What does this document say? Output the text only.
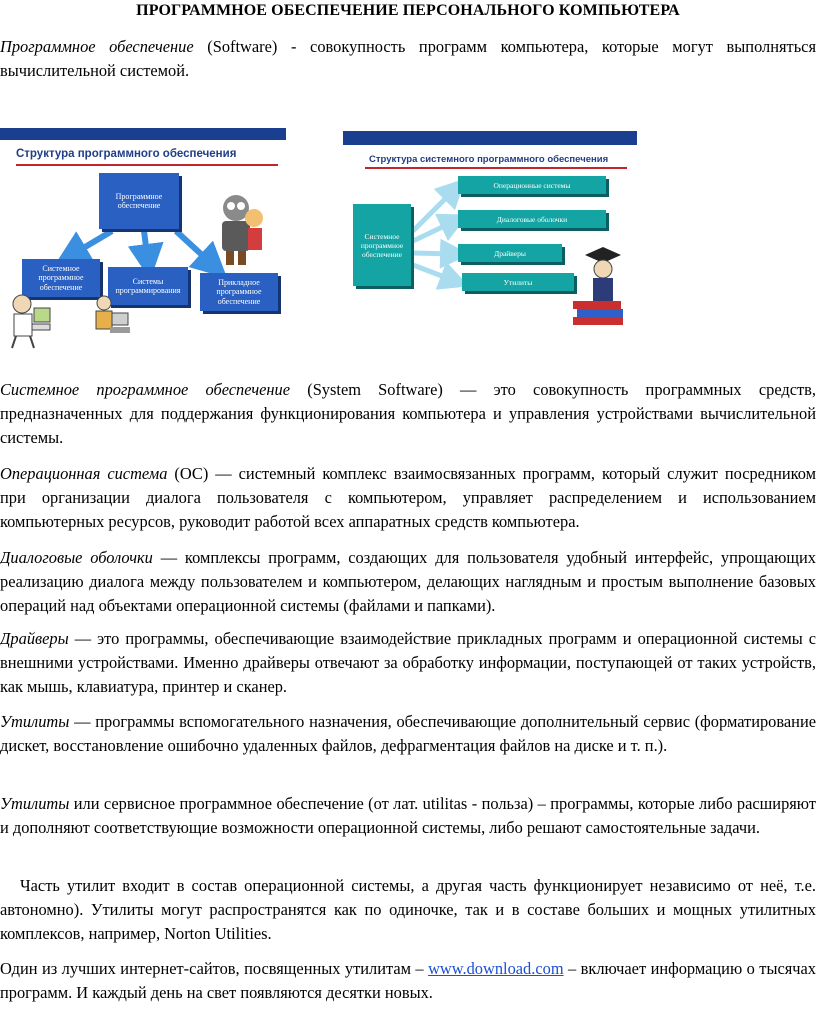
ПРОГРАММНОЕ ОБЕСПЕЧЕНИЕ ПЕРСОНАЛЬНОГО КОМПЬЮТЕРА
Программное обеспечение (Software) - совокупность программ компьютера, которые могут выполняться вычислительной системой.
Структура программного обеспечения
Программное обеспечение
Системное программное обеспечение
Системы программирования
Прикладное программное обеспечение
Структура системного программного обеспечения
Системное программное обеспечение
Операционные системы
Диалоговые оболочки
Драйверы
Утилиты
Системное программное обеспечение (System Software) — это совокупность программных средств, предназначенных для поддержания функционирования компьютера и управления устройствами вычислительной системы.
Операционная система (ОС) — системный комплекс взаимосвязанных программ, который служит посредником при организации диалога пользователя с компьютером, управляет распределением и использованием компьютерных ресурсов, руководит работой всех аппаратных средств компьютера.
Диалоговые оболочки — комплексы программ, создающих для пользователя удобный интерфейс, упрощающих реализацию диалога между пользователем и компьютером, делающих наглядным и простым выполнение базовых операций над объектами операционной системы (файлами и папками).
Драйверы — это программы, обеспечивающие взаимодействие прикладных программ и операционной системы с внешними устройствами. Именно драйверы отвечают за обработку информации, поступающей от таких устройств, как мышь, клавиатура, принтер и сканер.
Утилиты — программы вспомогательного назначения, обеспечивающие дополнительный сервис (форматирование дискет, восстановление ошибочно удаленных файлов, дефрагментация файлов на диске и т. п.).
Утилиты или сервисное программное обеспечение (от лат. utilitas - польза) – программы, которые либо расширяют и дополняют соответствующие возможности операционной системы, либо решают самостоятельные задачи.
Часть утилит входит в состав операционной системы, а другая часть функционирует независимо от неё, т.е. автономно). Утилиты могут распространятся как по одиночке, так и в составе больших и мощных утилитных комплексов, например, Norton Utilities.
Один из лучших интернет-сайтов, посвященных утилитам – www.download.com – включает информацию о тысячах программ. И каждый день на свет появляются десятки новых.
